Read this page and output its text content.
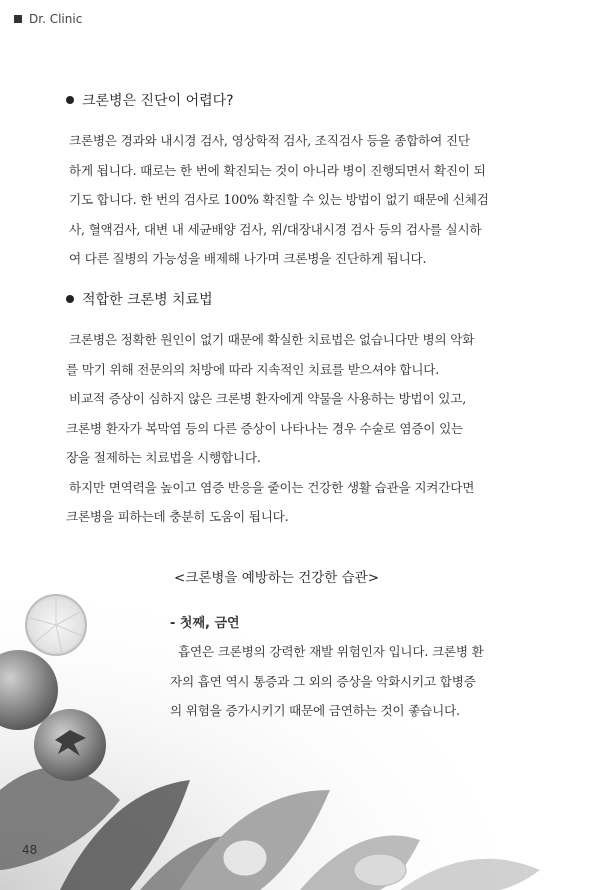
Dr. Clinic
크론병은 진단이 어렵다?

크론병은 경과와 내시경 검사, 영상학적 검사, 조직검사 등을 종합하여 진단
하게 됩니다. 때로는 한 번에 확진되는 것이 아니라 병이 진행되면서 확진이 되
기도 합니다. 한 번의 검사로 100% 확진할 수 있는 방법이 없기 때문에 신체검
사, 혈액검사, 대변 내 세균배양 검사, 위/대장내시경 검사 등의 검사를 실시하
여 다른 질병의 가능성을 배제해 나가며 크론병을 진단하게 됩니다.

적합한 크론병 치료법

크론병은 정확한 원인이 없기 때문에 확실한 치료법은 없습니다만 병의 악화
를 막기 위해 전문의의 처방에 따라 지속적인 치료를 받으셔야 합니다.
비교적 증상이 심하지 않은 크론병 환자에게 약물을 사용하는 방법이 있고,
크론병 환자가 복막염 등의 다른 증상이 나타나는 경우 수술로 염증이 있는
장을 절제하는 치료법을 시행합니다.
하지만 면역력을 높이고 염증 반응을 줄이는 건강한 생활 습관을 지켜간다면
크론병을 피하는데 충분히 도움이 됩니다.

<크론병을 예방하는 건강한 습관>
- 첫째, 금연

흡연은 크론병의 강력한 재발 위험인자 입니다. 크론병 환
자의 흡연 역시 통증과 그 외의 증상을 악화시키고 합병증
의 위험을 증가시키기 때문에 금연하는 것이 좋습니다.

48
